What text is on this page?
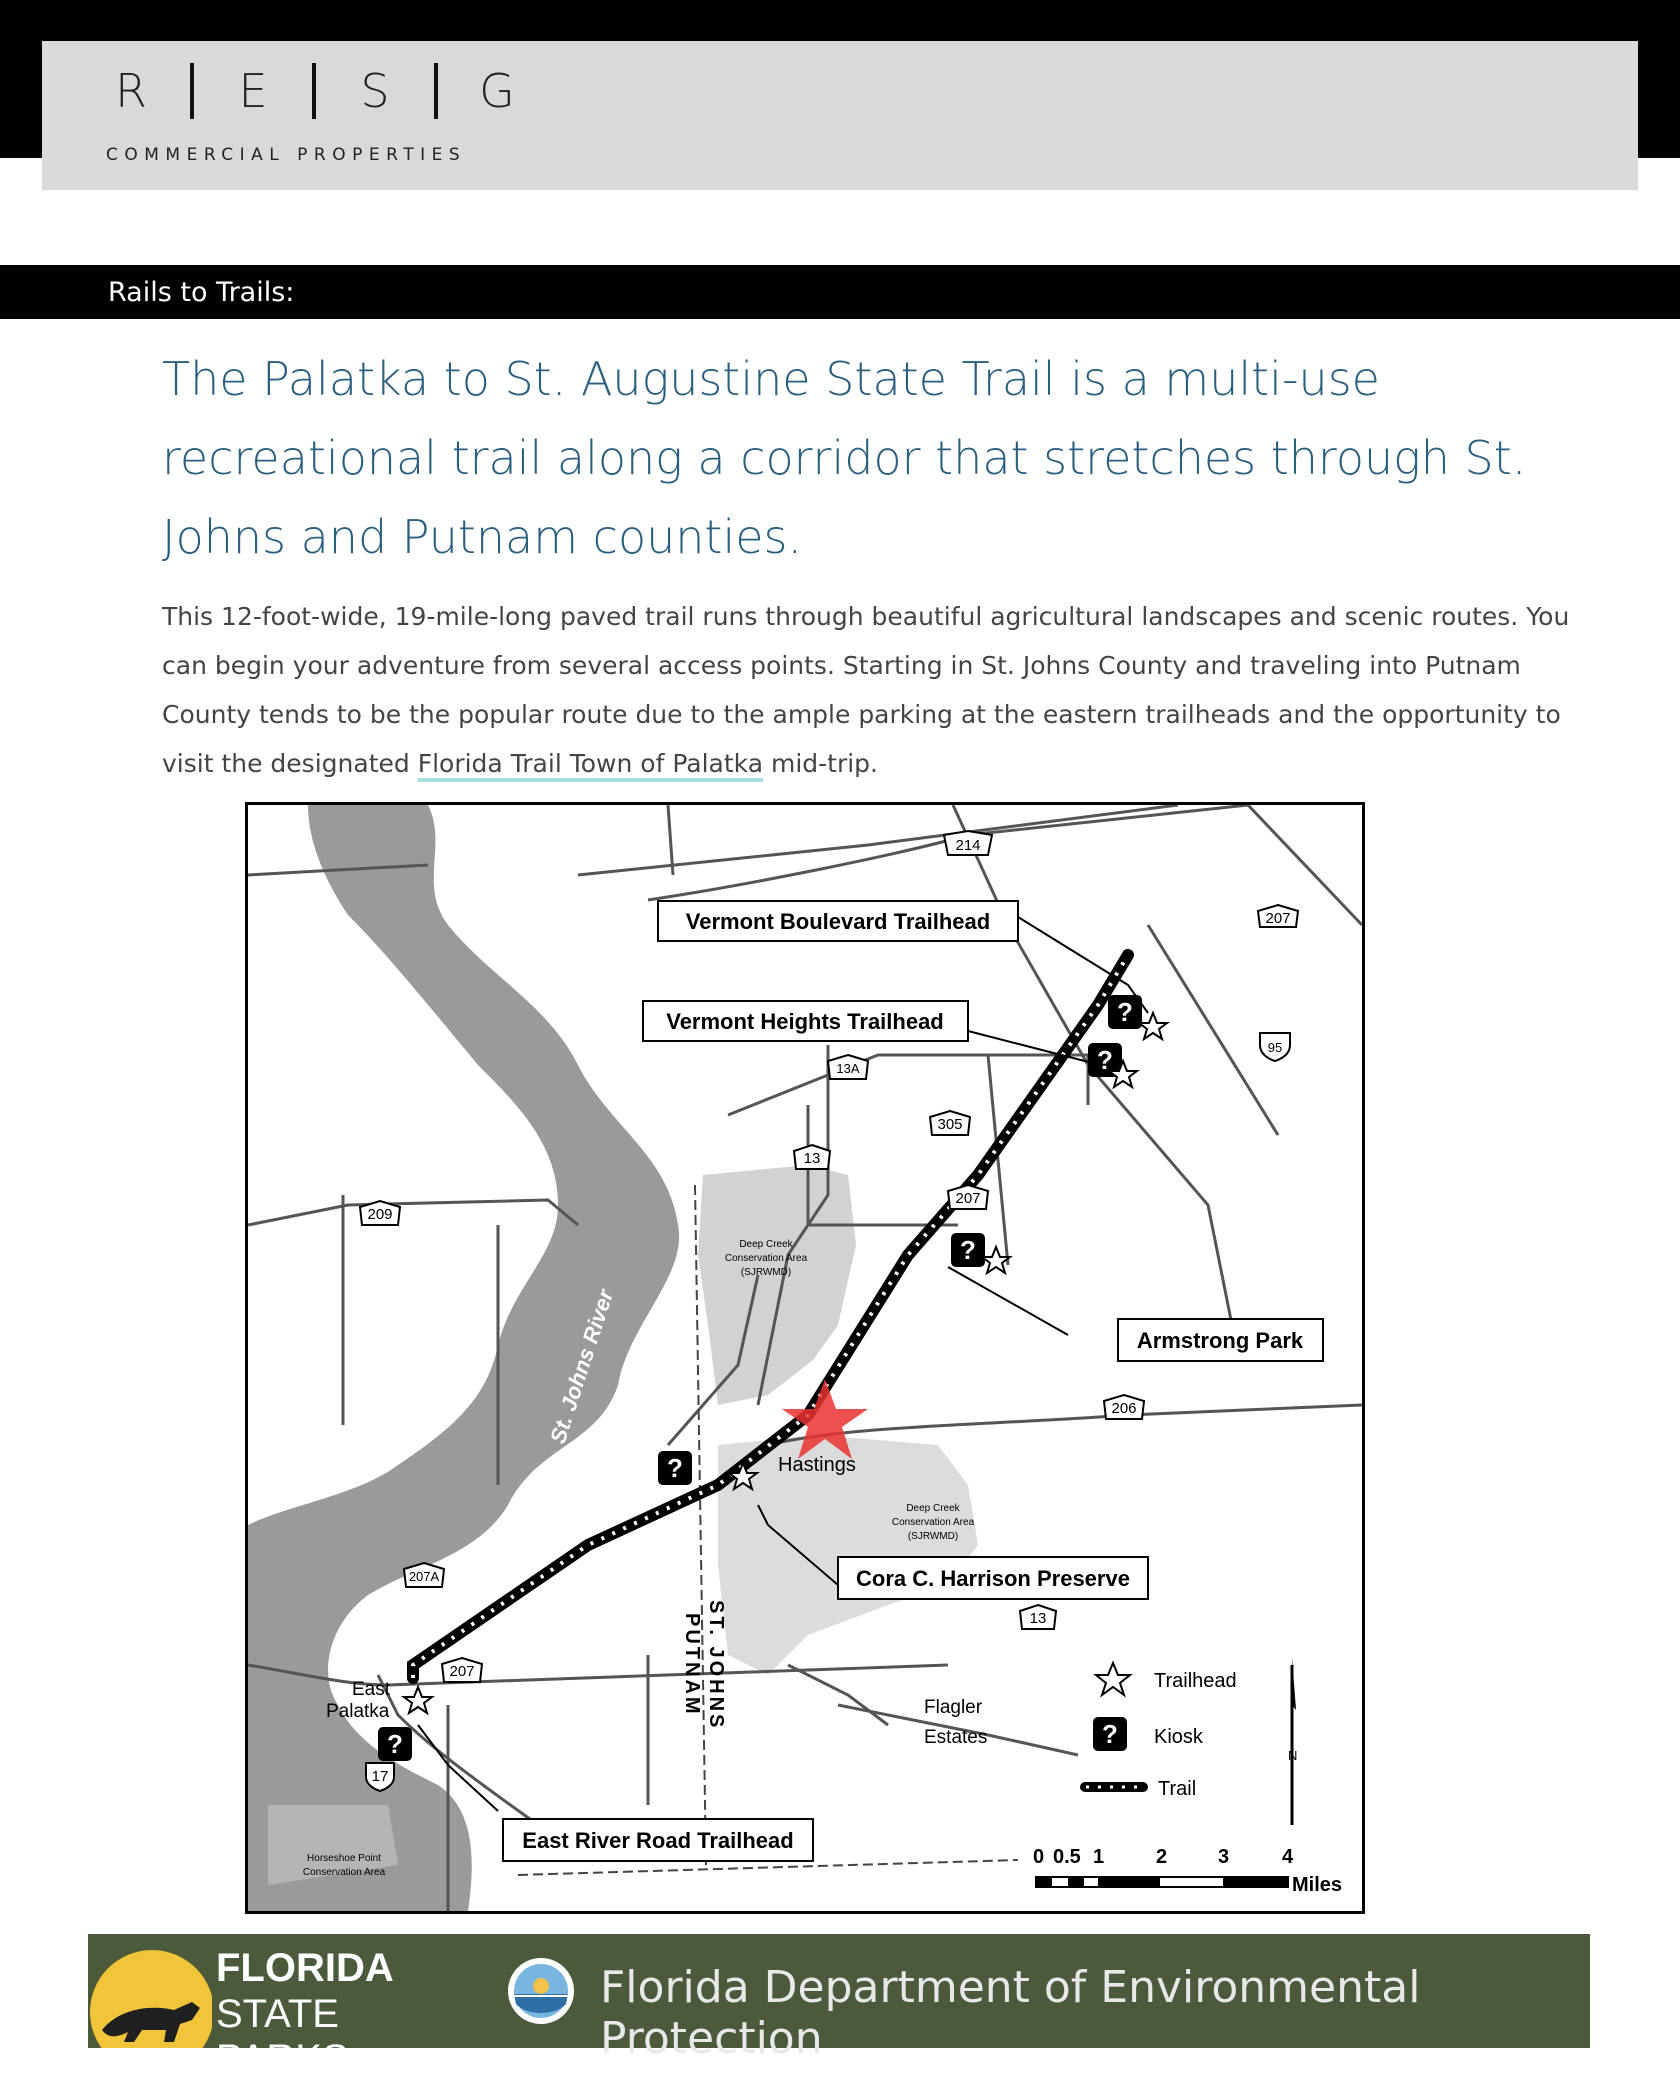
R E S G
COMMERCIAL PROPERTIES
Rails to Trails:

The Palatka to St. Augustine State Trail is a multi-use recreational trail along a corridor that stretches through St. Johns and Putnam counties.

This 12-foot-wide, 19-mile-long paved trail runs through beautiful agricultural landscapes and scenic routes. You can begin your adventure from several access points. Starting in St. Johns County and traveling into Putnam County tends to be the popular route due to the ample parking at the eastern trailheads and the opportunity to visit the designated Florida Trail Town of Palatka mid-trip.

214
207
95
13A
305
13
207
209
206
207A
207
17
13
Vermont Boulevard Trailhead
Vermont Heights Trailhead
Armstrong Park
Cora C. Harrison Preserve
East River Road Trailhead
?
?
?
?
?	?
St. Johns River
Hastings
East
Palatka	Flagler
Estates
ST. JOHNS
PUTNAM
Deep Creek
Conservation Area
(SJRWMD)
Deep Creek
Conservation Area
(SJRWMD)
Horseshoe Point
Conservation Area
Trailhead
Kiosk
Trail
N
0 0.5 1	2	3	4
Miles
FLORIDA
STATE PARKS
Florida Department of Environmental Protection
